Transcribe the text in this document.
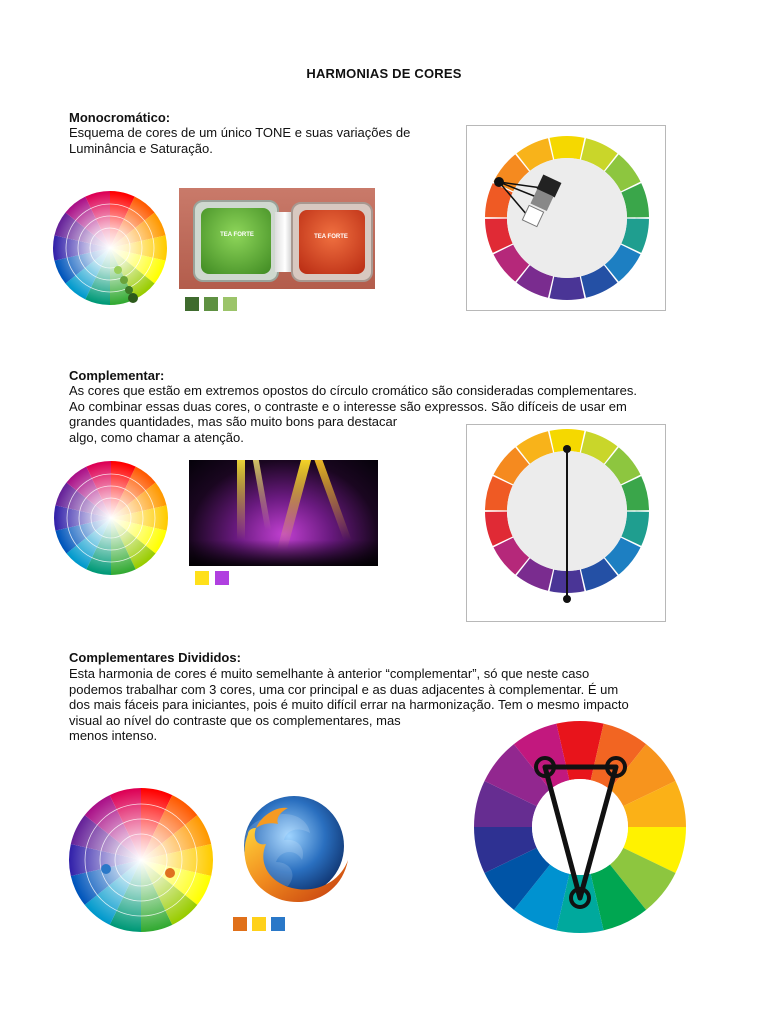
HARMONIAS DE CORES
Monocromático:
Esquema de cores de um único TONE e suas variações de
Luminância e Saturação.
TEA FORTE	TEA FORTE
Complementar:
As cores que estão em extremos opostos do círculo cromático são consideradas complementares.
Ao combinar essas duas cores, o contraste e o interesse são expressos. São difíceis de usar em
grandes quantidades, mas são muito bons para destacar
algo, como chamar a atenção.
Complementares Divididos:
Esta harmonia de cores é muito semelhante à anterior “complementar”, só que neste caso
podemos trabalhar com 3 cores, uma cor principal e as duas adjacentes à complementar. É um
dos mais fáceis para iniciantes, pois é muito difícil errar na harmonização. Tem o mesmo impacto
visual ao nível do contraste que os complementares, mas
menos intenso.
